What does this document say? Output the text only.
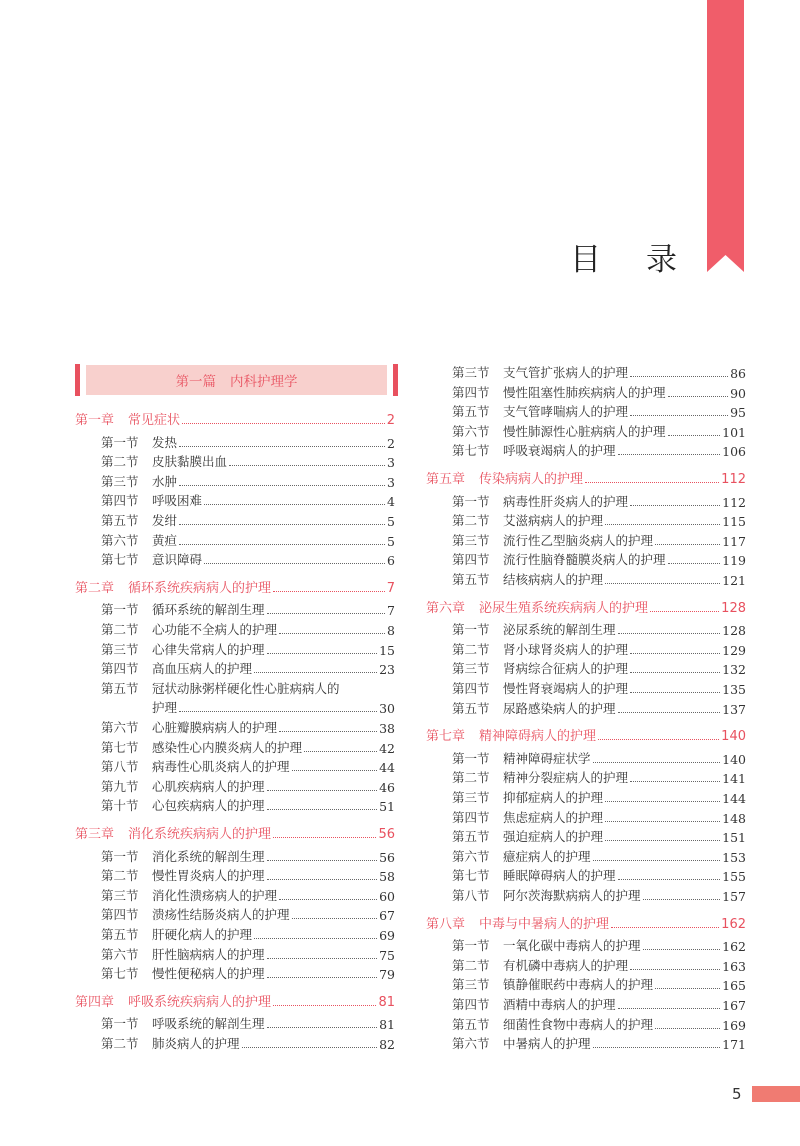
目录
第一篇 内科护理学
第一章 常见症状	2
第一节	发热	2
第二节	皮肤黏膜出血	3
第三节	水肿	3
第四节	呼吸困难	4
第五节	发绀	5
第六节	黄疸	5
第七节	意识障碍	6
第二章 循环系统疾病病人的护理	7
第一节	循环系统的解剖生理	7
第二节	心功能不全病人的护理	8
第三节	心律失常病人的护理	15
第四节	高血压病人的护理	23
第五节	冠状动脉粥样硬化性心脏病病人的
护理	30
第六节	心脏瓣膜病病人的护理	38
第七节	感染性心内膜炎病人的护理	42
第八节	病毒性心肌炎病人的护理	44
第九节	心肌疾病病人的护理	46
第十节	心包疾病病人的护理	51
第三章 消化系统疾病病人的护理	56
第一节	消化系统的解剖生理	56
第二节	慢性胃炎病人的护理	58
第三节	消化性溃疡病人的护理	60
第四节	溃疡性结肠炎病人的护理	67
第五节	肝硬化病人的护理	69
第六节	肝性脑病病人的护理	75
第七节	慢性便秘病人的护理	79
第四章 呼吸系统疾病病人的护理	81
第一节	呼吸系统的解剖生理	81
第二节	肺炎病人的护理	82
第三节	支气管扩张病人的护理	86
第四节	慢性阻塞性肺疾病病人的护理	90
第五节	支气管哮喘病人的护理	95
第六节	慢性肺源性心脏病病人的护理	101
第七节	呼吸衰竭病人的护理	106
第五章 传染病病人的护理	112
第一节	病毒性肝炎病人的护理	112
第二节	艾滋病病人的护理	115
第三节	流行性乙型脑炎病人的护理	117
第四节	流行性脑脊髓膜炎病人的护理	119
第五节	结核病病人的护理	121
第六章 泌尿生殖系统疾病病人的护理	128
第一节	泌尿系统的解剖生理	128
第二节	肾小球肾炎病人的护理	129
第三节	肾病综合征病人的护理	132
第四节	慢性肾衰竭病人的护理	135
第五节	尿路感染病人的护理	137
第七章 精神障碍病人的护理	140
第一节	精神障碍症状学	140
第二节	精神分裂症病人的护理	141
第三节	抑郁症病人的护理	144
第四节	焦虑症病人的护理	148
第五节	强迫症病人的护理	151
第六节	癔症病人的护理	153
第七节	睡眠障碍病人的护理	155
第八节	阿尔茨海默病病人的护理	157
第八章 中毒与中暑病人的护理	162
第一节	一氧化碳中毒病人的护理	162
第二节	有机磷中毒病人的护理	163
第三节	镇静催眠药中毒病人的护理	165
第四节	酒精中毒病人的护理	167
第五节	细菌性食物中毒病人的护理	169
第六节	中暑病人的护理	171
5
